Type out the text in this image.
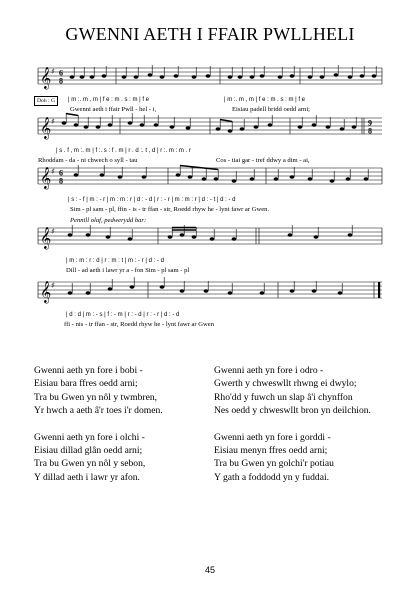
GWENNI AETH I FFAIR PWLLHELI
𝄞 ♯ 6
8
Doh : G	| m :. m , m | f e : m . s : m | f e	| m :. m , m | f e : m . s : m | f e
Gwenni aeth i ffair Pwll - hel - i,	Eisiau padell bridd oedd arni;
𝄞 ♯	9
8
| s . f , m :. m | f :. s : f . m | r . d :. t , d | r :. m : m . r
Rhoddam - da - ni chwech o syll - tau	Cos - tiai gar - tref ddwy a dim - ai,
𝄞 ♯ 6
8
| s : - f | m : - r | m : m : r | d : - d | r : - r | m : m : r | d : - t | d : - d
Sim - pl sam - pl, ffin - is - tr ffan - str, Roedd rhyw he - lynt fawr ar Gwen.
Pennill olaf, pedwerydd bar:
𝄞 ♯
| m : m : r : d | r : m : t | m : - r | d : - d
Dill - ad aeth i lawr yr a - fon Sim - pl sam - pl
𝄞 ♯
| d : d | m : - s | f : - m | r : - d | r : - r | d : - d
ffi - nis - tr ffan - str, Roedd rhyw he - lynt fawr ar Gwen
Gwenni aeth yn fore i bobi -
Eisiau bara ffres oedd arni;
Tra bu Gwen yn nôl y twmbren,
Yr hwch a aeth â'r toes i'r domen.
Gwenni aeth yn fore i olchi -
Eisiau dillad glân oedd arni;
Tra bu Gwen yn nôl y sebon,
Y dillad aeth i lawr yr afon.
Gwenni aeth yn fore i odro -
Gwerth y chweswllt rhwng ei dwylo;
Rho'dd y fuwch un slap â'i chynffon
Nes oedd y chweswllt bron yn deilchion.
Gwenni aeth yn fore i gorddi -
Eisiau menyn ffres oedd arni;
Tra bu Gwen yn golchi'r potiau
Y gath a foddodd yn y fuddai.
45
